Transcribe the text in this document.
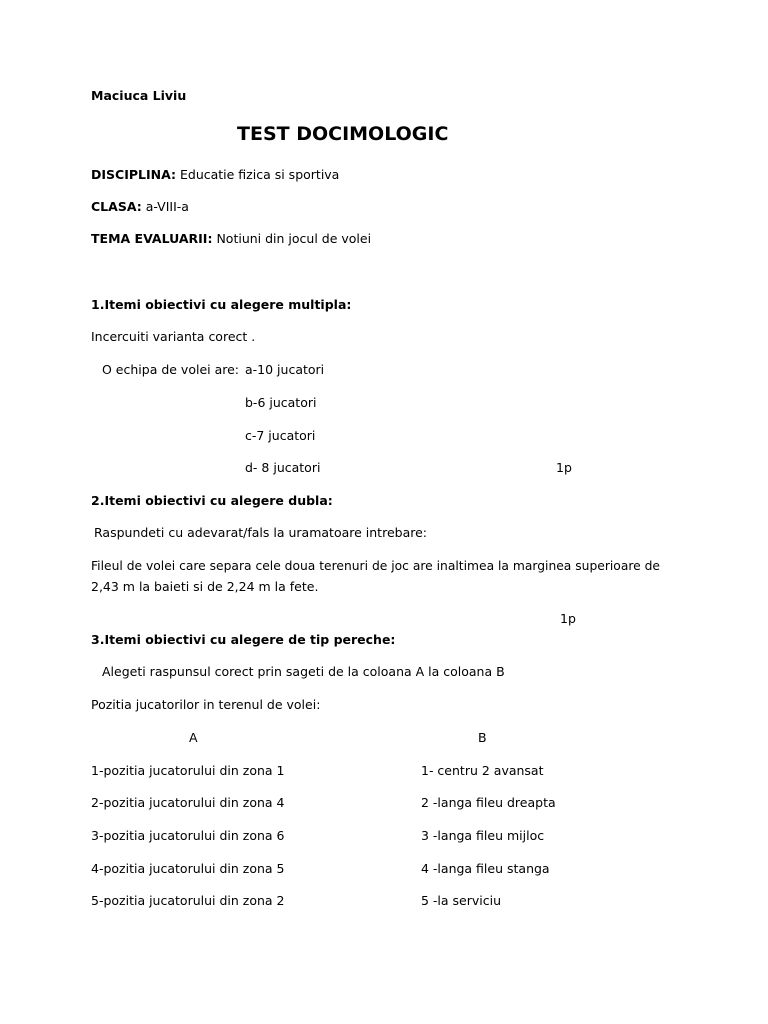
Maciuca Liviu
TEST DOCIMOLOGIC
DISCIPLINA: Educatie fizica si sportiva
CLASA: a-VIII-a
TEMA EVALUARII: Notiuni din jocul de volei
1.Itemi obiectivi cu alegere multipla:
Incercuiti varianta corect .
O echipa de volei are: a-10 jucatori
b-6 jucatori
c-7 jucatori
d- 8 jucatori	1p
2.Itemi obiectivi cu alegere dubla:
Raspundeti cu adevarat/fals la uramatoare intrebare:
Fileul de volei care separa cele doua terenuri de joc are inaltimea la marginea superioare de
2,43 m la baieti si de 2,24 m la fete.
1p
3.Itemi obiectivi cu alegere de tip pereche:
Alegeti raspunsul corect prin sageti de la coloana A la coloana B
Pozitia jucatorilor in terenul de volei:
A	B
1-pozitia jucatorului din zona 1	1- centru 2 avansat
2-pozitia jucatorului din zona 4	2 -langa fileu dreapta
3-pozitia jucatorului din zona 6	3 -langa fileu mijloc
4-pozitia jucatorului din zona 5	4 -langa fileu stanga
5-pozitia jucatorului din zona 2	5 -la serviciu
